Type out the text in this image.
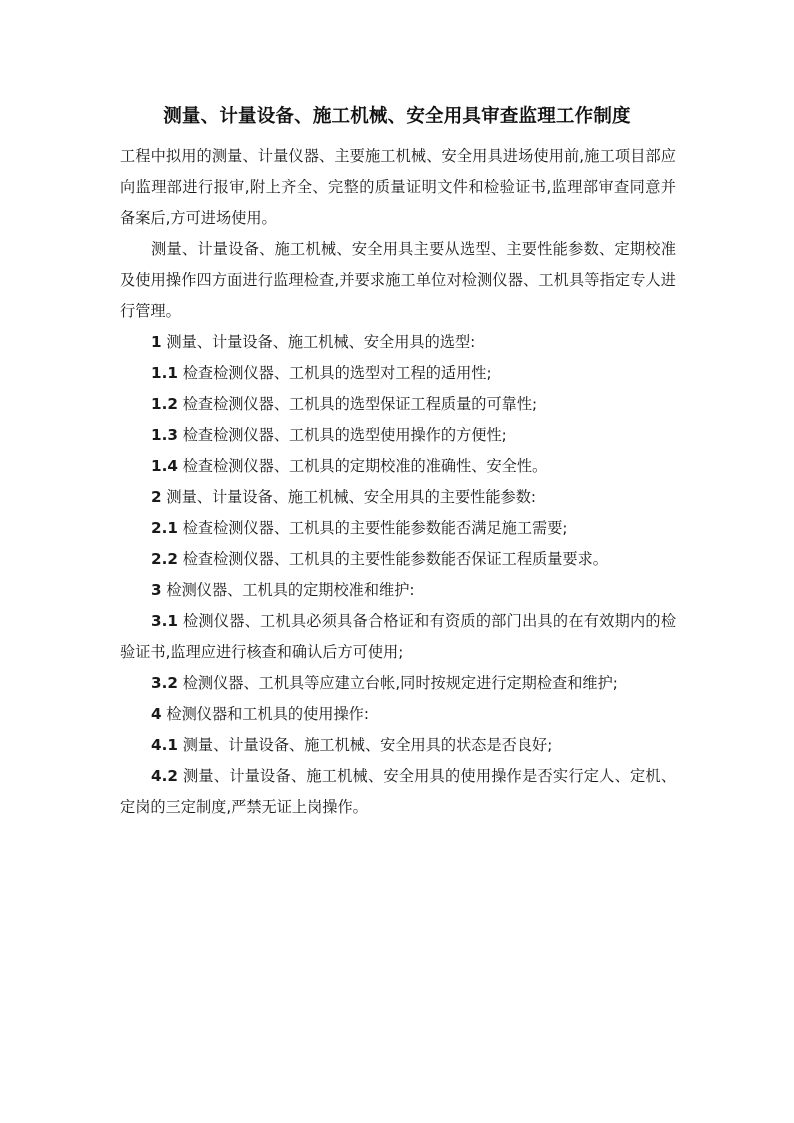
测量、计量设备、施工机械、安全用具审查监理工作制度

工程中拟用的测量、计量仪器、主要施工机械、安全用具进场使用前,施工项目部应向监理部进行报审,附上齐全、完整的质量证明文件和检验证书,监理部审查同意并备案后,方可进场使用。

测量、计量设备、施工机械、安全用具主要从选型、主要性能参数、定期校准及使用操作四方面进行监理检查,并要求施工单位对检测仪器、工机具等指定专人进行管理。

1 测量、计量设备、施工机械、安全用具的选型:

1.1 检查检测仪器、工机具的选型对工程的适用性;

1.2 检查检测仪器、工机具的选型保证工程质量的可靠性;

1.3 检查检测仪器、工机具的选型使用操作的方便性;

1.4 检查检测仪器、工机具的定期校准的准确性、安全性。

2 测量、计量设备、施工机械、安全用具的主要性能参数:

2.1 检查检测仪器、工机具的主要性能参数能否满足施工需要;

2.2 检查检测仪器、工机具的主要性能参数能否保证工程质量要求。

3 检测仪器、工机具的定期校准和维护:

3.1 检测仪器、工机具必须具备合格证和有资质的部门出具的在有效期内的检验证书,监理应进行核查和确认后方可使用;

3.2 检测仪器、工机具等应建立台帐,同时按规定进行定期检查和维护;

4 检测仪器和工机具的使用操作:

4.1 测量、计量设备、施工机械、安全用具的状态是否良好;

4.2 测量、计量设备、施工机械、安全用具的使用操作是否实行定人、定机、定岗的三定制度,严禁无证上岗操作。
